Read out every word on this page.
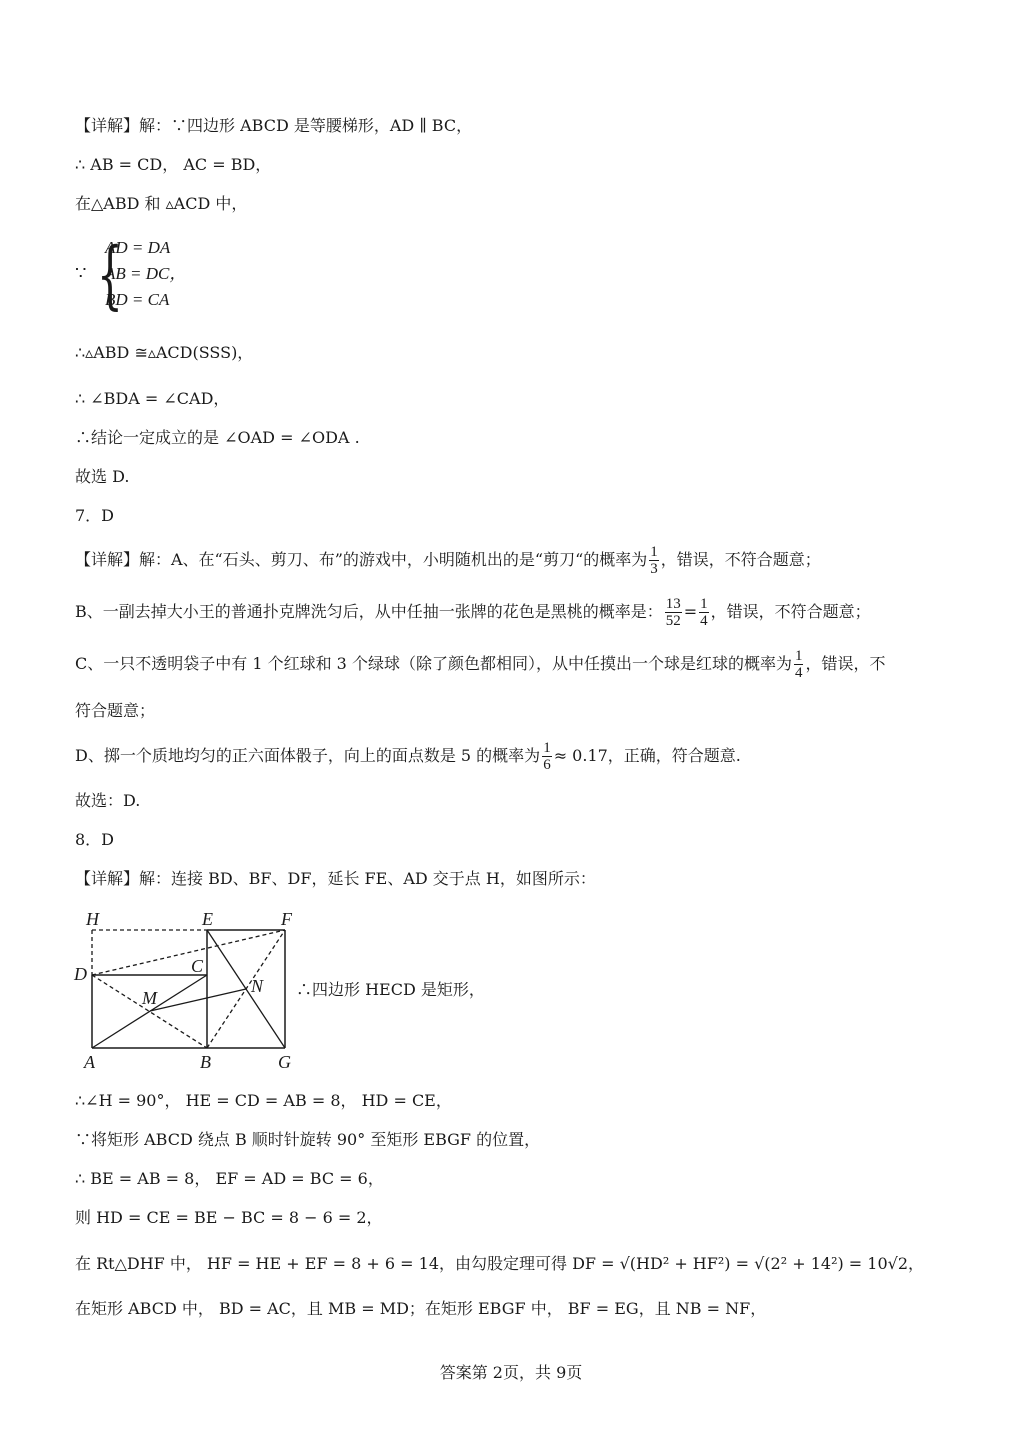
【详解】解：∵四边形 ABCD 是等腰梯形，AD ∥ BC，
∴ AB = CD， AC = BD，
在△ABD 和 ▵ACD 中，
∵ {
AD = DA
AB = DC，
BD = CA
∴▵ABD ≅▵ACD(SSS)，
∴ ∠BDA = ∠CAD，
∴结论一定成立的是 ∠OAD = ∠ODA .
故选 D.
7．D
【详解】解：A、在“石头、剪刀、布”的游戏中，小明随机出的是“剪刀“的概率为 $\frac{1}{3}$ ，错误，不符合题意；
B、一副去掉大小王的普通扑克牌洗匀后，从中任抽一张牌的花色是黑桃的概率是： $\frac{13}{52} = \frac{1}{4}$ ，错误，不符合题意；
C、一只不透明袋子中有 1 个红球和 3 个绿球（除了颜色都相同），从中任摸出一个球是红球的概率为 $\frac{1}{4}$ ，错误，不
符合题意；
D、掷一个质地均匀的正六面体骰子，向上的面点数是 5 的概率为 $\frac{1}{6} \approx 0.17$，正确，符合题意.
故选：D.
8．D
【详解】解：连接 BD、BF、DF，延长 FE、AD 交于点 H，如图所示：
H	E	F
D	C
N
M
A	B	G
∴四边形 HECD 是矩形，
∴∠H = 90°， HE = CD = AB = 8， HD = CE，
∵将矩形 ABCD 绕点 B 顺时针旋转 90° 至矩形 EBGF 的位置，
∴ BE = AB = 8， EF = AD = BC = 6，
则 HD = CE = BE − BC = 8 − 6 = 2，
在 Rt△DHF 中， HF = HE + EF = 8 + 6 = 14，由勾股定理可得 DF = √(HD² + HF²) = √(2² + 14²) = 10√2，
在矩形 ABCD 中， BD = AC，且 MB = MD；在矩形 EBGF 中， BF = EG，且 NB = NF，
答案第 2页，共 9页
